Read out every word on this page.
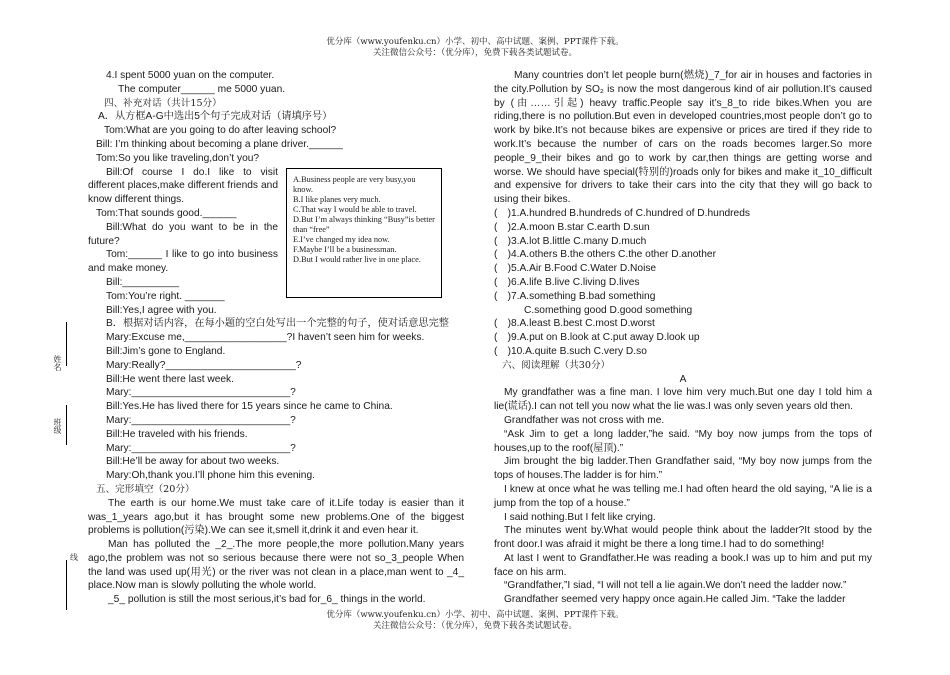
优分库（www.youfenku.cn）小学、初中、高中试题、案例、PPT课件下载。
关注微信公众号：（优分库），免费下载各类试题试卷。
姓名
班级
线

4.I spent 5000 yuan on the computer.

The computer______ me 5000 yuan.

四、补充对话（共计15分）

A．从方框A-G中选出5个句子完成对话（请填序号）

Tom:What are you going to do after leaving school?

Bill: I’m thinking about becoming a plane driver.______

Tom:So you like traveling,don’t you?

Bill:Of course I do.I like to visit different places,make different friends and know different things.

Tom:That sounds good.______

Bill:What do you want to be in the future?

Tom:______ I like to go into business and make money.

Bill:__________

Tom:You’re right. _______

Bill:Yes,I agree with you.

B．根据对话内容，在每小题的空白处写出一个完整的句子，使对话意思完整

Mary:Excuse me,__________________?I haven’t seen him for weeks.

Bill:Jim’s gone to England.

Mary:Really?_______________________?

Bill:He went there last week.

Mary:____________________________?

Bill:Yes.He has lived there for 15 years since he came to China.

Mary:____________________________?

Bill:He traveled with his friends.

Mary:____________________________?

Bill:He’ll be away for about two weeks.

Mary:Oh,thank you.I’ll phone him this evening.

五、完形填空（20分）

The earth is our home.We must take care of it.Life today is easier than it was_1_years ago,but it has brought some new problems.One of the biggest problems is pollution(污染).We can see it,smell it,drink it and even hear it.

Man has polluted the _2_.The more people,the more pollution.Many years ago,the problem was not so serious because there were not so_3_people When the land was used up(用光) or the river was not clean in a place,man went to _4_ place.Now man is slowly polluting the whole world.

_5_ pollution is still the most serious,it’s bad for_6_ things in the world.

A.Business people are very busy,you know.
B.I like planes very much.
C.That way I would be able to travel.
D.But I’m always thinking “Busy”is better than “free”
E.I’ve changed my idea now.
F.Maybe I’ll be a businessman.
D.But I would rather live in one place.

Many countries don’t let people burn(燃烧)_7_for air in houses and factories in the city.Pollution by SO₂ is now the most dangerous kind of air pollution.It’s caused by (由……引起) heavy traffic.People say it’s_8_to ride bikes.When you are riding,there is no pollution.But even in developed countries,most people don’t go to work by bike.It’s not because bikes are expensive or prices are tired if they ride to work.It’s because the number of cars on the roads becomes larger.So more people_9_their bikes and go to work by car,then things are getting worse and worse. We should have special(特别的)roads only for bikes and make it_10_difficult and expensive for drivers to take their cars into the city that they will go back to using their bikes.

(　)1.A.hundred B.hundreds of C.hundred of D.hundreds

(　)2.A.moon B.star C.earth D.sun

(　)3.A.lot B.little C.many D.much

(　)4.A.others B.the others C.the other D.another

(　)5.A.Air B.Food C.Water D.Noise

(　)6.A.life B.live C.living D.lives

(　)7.A.something B.bad something

C.something good D.good something

(　)8.A.least B.best C.most D.worst

(　)9.A.put on B.look at C.put away D.look up

(　)10.A.quite B.such C.very D.so

六、阅读理解（共30分）

A

My grandfather was a fine man. I love him very much.But one day I told him a lie(谎话).I can not tell you now what the lie was.I was only seven years old then.

Grandfather was not cross with me.

“Ask Jim to get a long ladder,”he said. “My boy now jumps from the tops of houses,up to the roof(屋顶).”

Jim brought the big ladder.Then Grandfather said, “My boy now jumps from the tops of houses.The ladder is for him.”

I knew at once what he was telling me.I had often heard the old saying, “A lie is a jump from the top of a house.”

I said nothing.But I felt like crying.

The minutes went by.What would people think about the ladder?It stood by the front door.I was afraid it might be there a long time.I had to do something!

At last I went to Grandfather.He was reading a book.I was up to him and put my face on his arm.

“Grandfather,”I siad, “I will not tell a lie again.We don’t need the ladder now.”

Grandfather seemed very happy once again.He called Jim. “Take the ladder

优分库（www.youfenku.cn）小学、初中、高中试题、案例、PPT课件下载。
关注微信公众号：（优分库），免费下载各类试题试卷。
